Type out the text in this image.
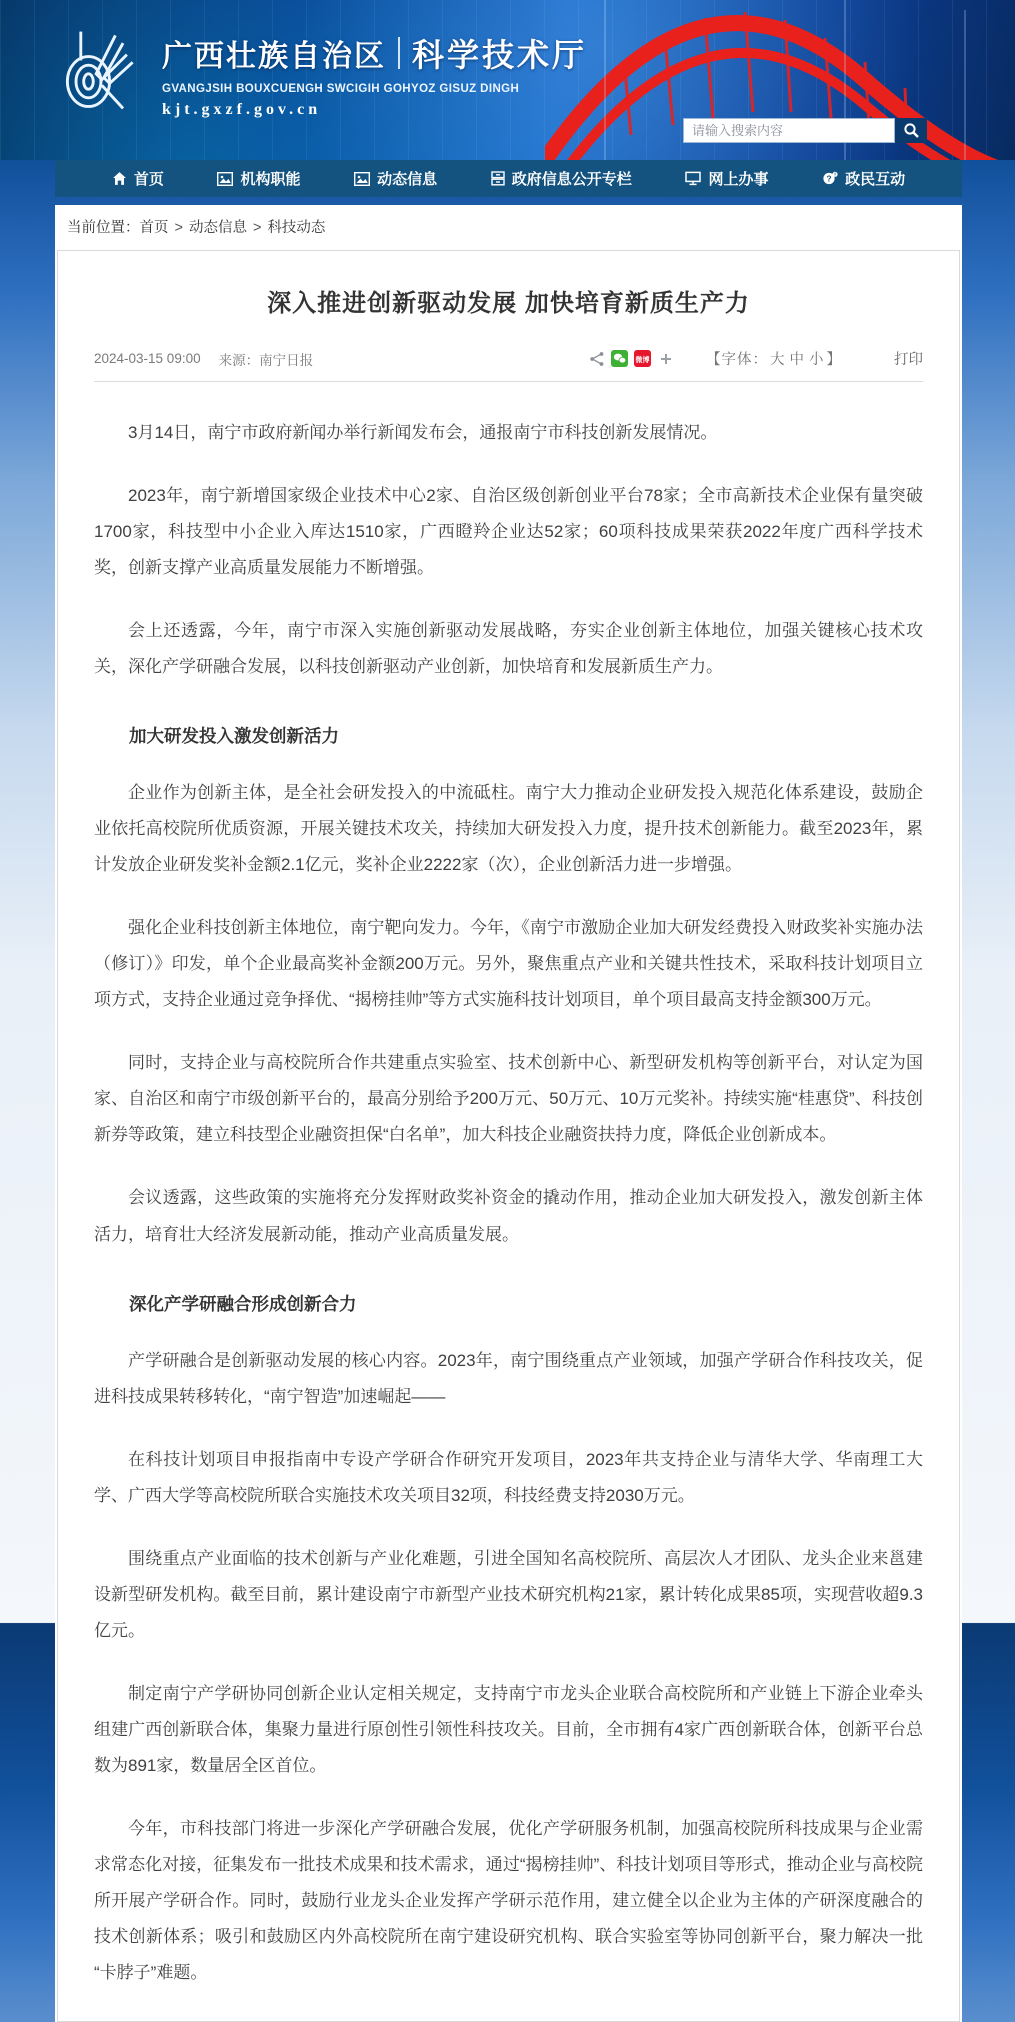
广西壮族自治区 科学技术厅
GVANGJSIH BOUXCUENGH SWCIGIH GOHYOZ GISUZ DINGH
kjt.gxzf.gov.cn
请输入搜索内容
首页	机构职能	动态信息	政府信息公开专栏	网上办事	? ! 政民互动
当前位置：首页 > 动态信息 > 科技动态
深入推进创新驱动发展 加快培育新质生产力
2024-03-15 09:00 来源：南宁日报	微博	【字体： 大 中 小 】	打印
3月14日，南宁市政府新闻办举行新闻发布会，通报南宁市科技创新发展情况。
2023年，南宁新增国家级企业技术中心2家、自治区级创新创业平台78家；全市高新技术企业保有量突破1700家，科技型中小企业入库达1510家，广西瞪羚企业达52家；60项科技成果荣获2022年度广西科学技术奖，创新支撑产业高质量发展能力不断增强。
会上还透露，今年，南宁市深入实施创新驱动发展战略，夯实企业创新主体地位，加强关键核心技术攻关，深化产学研融合发展，以科技创新驱动产业创新，加快培育和发展新质生产力。
加大研发投入激发创新活力
企业作为创新主体，是全社会研发投入的中流砥柱。南宁大力推动企业研发投入规范化体系建设，鼓励企业依托高校院所优质资源，开展关键技术攻关，持续加大研发投入力度，提升技术创新能力。截至2023年，累计发放企业研发奖补金额2.1亿元，奖补企业2222家（次），企业创新活力进一步增强。
强化企业科技创新主体地位，南宁靶向发力。今年，《南宁市激励企业加大研发经费投入财政奖补实施办法（修订）》印发，单个企业最高奖补金额200万元。另外，聚焦重点产业和关键共性技术，采取科技计划项目立项方式，支持企业通过竞争择优、“揭榜挂帅”等方式实施科技计划项目，单个项目最高支持金额300万元。
同时，支持企业与高校院所合作共建重点实验室、技术创新中心、新型研发机构等创新平台，对认定为国家、自治区和南宁市级创新平台的，最高分别给予200万元、50万元、10万元奖补。持续实施“桂惠贷”、科技创新券等政策，建立科技型企业融资担保“白名单”，加大科技企业融资扶持力度，降低企业创新成本。
会议透露，这些政策的实施将充分发挥财政奖补资金的撬动作用，推动企业加大研发投入，激发创新主体活力，培育壮大经济发展新动能，推动产业高质量发展。
深化产学研融合形成创新合力
产学研融合是创新驱动发展的核心内容。2023年，南宁围绕重点产业领域，加强产学研合作科技攻关，促进科技成果转移转化，“南宁智造”加速崛起——
在科技计划项目申报指南中专设产学研合作研究开发项目，2023年共支持企业与清华大学、华南理工大学、广西大学等高校院所联合实施技术攻关项目32项，科技经费支持2030万元。
围绕重点产业面临的技术创新与产业化难题，引进全国知名高校院所、高层次人才团队、龙头企业来邕建设新型研发机构。截至目前，累计建设南宁市新型产业技术研究机构21家，累计转化成果85项，实现营收超9.3亿元。
制定南宁产学研协同创新企业认定相关规定，支持南宁市龙头企业联合高校院所和产业链上下游企业牵头组建广西创新联合体，集聚力量进行原创性引领性科技攻关。目前，全市拥有4家广西创新联合体，创新平台总数为891家，数量居全区首位。
今年，市科技部门将进一步深化产学研融合发展，优化产学研服务机制，加强高校院所科技成果与企业需求常态化对接，征集发布一批技术成果和技术需求，通过“揭榜挂帅”、科技计划项目等形式，推动企业与高校院所开展产学研合作。同时，鼓励行业龙头企业发挥产学研示范作用，建立健全以企业为主体的产研深度融合的技术创新体系；吸引和鼓励区内外高校院所在南宁建设研究机构、联合实验室等协同创新平台，聚力解决一批“卡脖子”难题。
